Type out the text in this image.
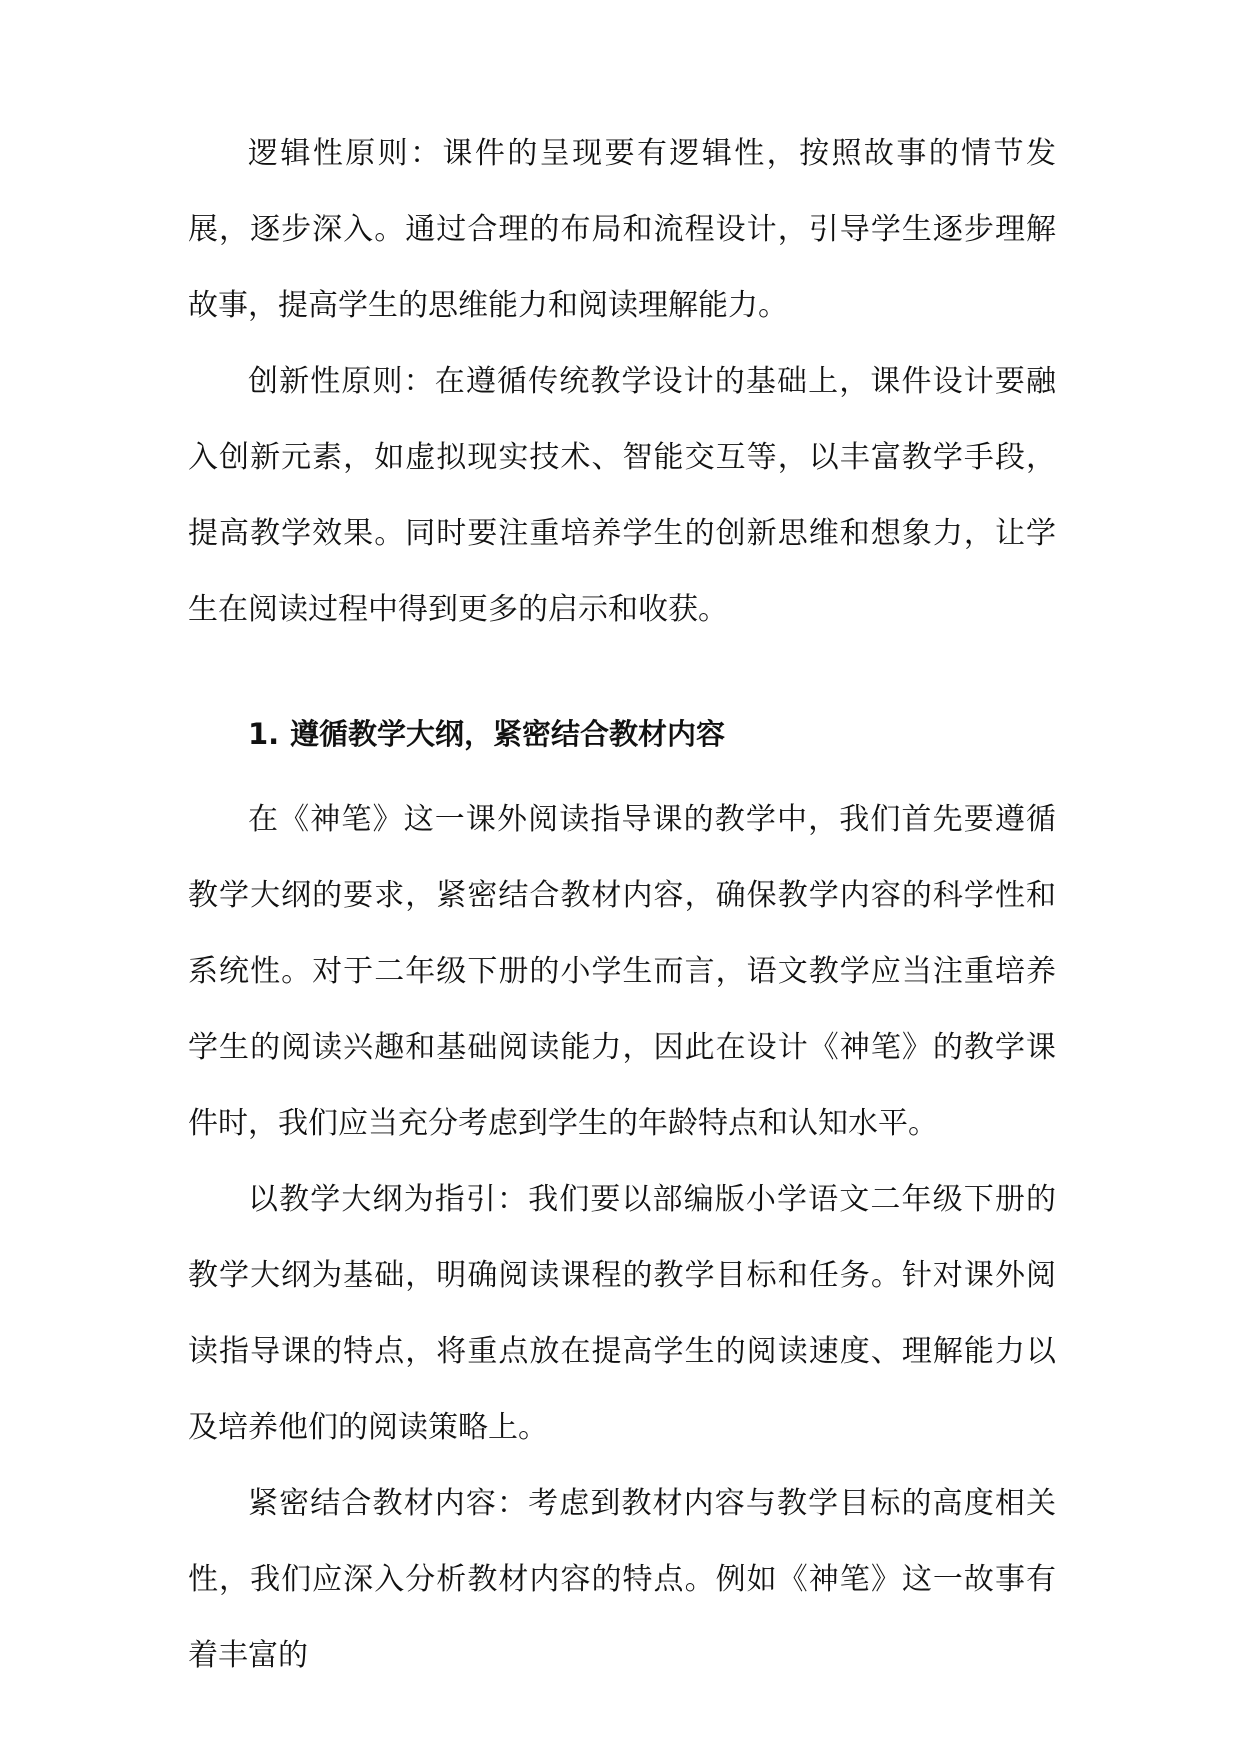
逻辑性原则：课件的呈现要有逻辑性，按照故事的情节发展，逐步深入。通过合理的布局和流程设计，引导学生逐步理解故事，提高学生的思维能力和阅读理解能力。

创新性原则：在遵循传统教学设计的基础上，课件设计要融入创新元素，如虚拟现实技术、智能交互等，以丰富教学手段，提高教学效果。同时要注重培养学生的创新思维和想象力，让学生在阅读过程中得到更多的启示和收获。

1. 遵循教学大纲，紧密结合教材内容

在《神笔》这一课外阅读指导课的教学中，我们首先要遵循教学大纲的要求，紧密结合教材内容，确保教学内容的科学性和系统性。对于二年级下册的小学生而言，语文教学应当注重培养学生的阅读兴趣和基础阅读能力，因此在设计《神笔》的教学课件时，我们应当充分考虑到学生的年龄特点和认知水平。

以教学大纲为指引：我们要以部编版小学语文二年级下册的教学大纲为基础，明确阅读课程的教学目标和任务。针对课外阅读指导课的特点，将重点放在提高学生的阅读速度、理解能力以及培养他们的阅读策略上。

紧密结合教材内容：考虑到教材内容与教学目标的高度相关性，我们应深入分析教材内容的特点。例如《神笔》这一故事有着丰富的
